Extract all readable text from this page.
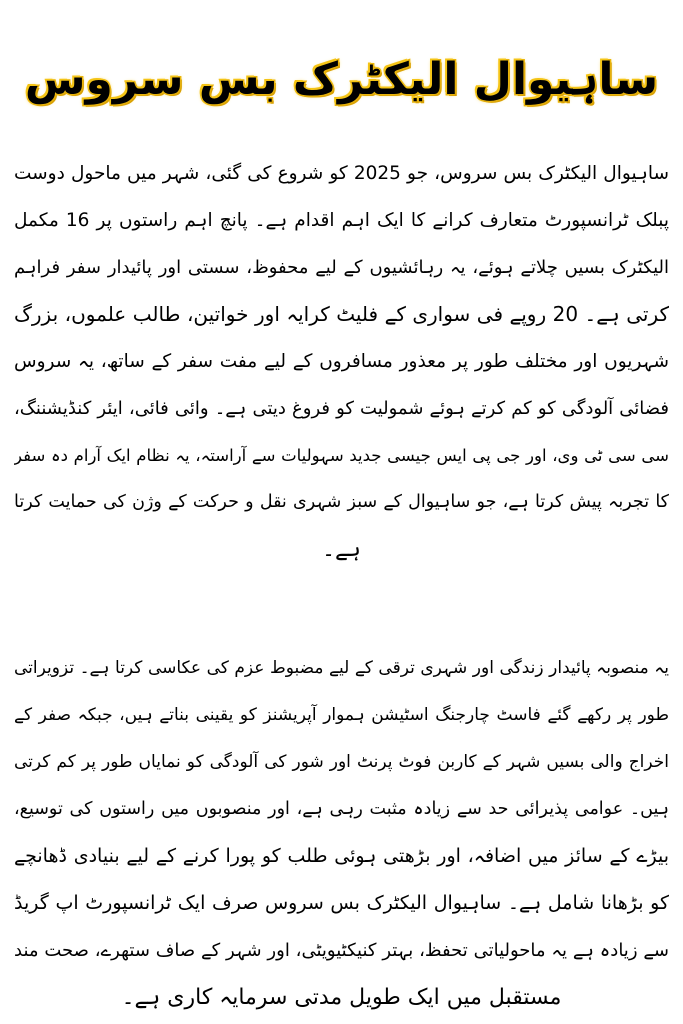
ساہیوال الیکٹرک بس سروس
ساہیوال الیکٹرک بس سروس، جو 2025 کو شروع کی گئی، شہر میں ماحول دوست
پبلک ٹرانسپورٹ متعارف کرانے کا ایک اہم اقدام ہے۔ پانچ اہم راستوں پر 16 مکمل
الیکٹرک بسیں چلاتے ہوئے، یہ رہائشیوں کے لیے محفوظ، سستی اور پائیدار سفر فراہم
کرتی ہے۔ 20 روپے فی سواری کے فلیٹ کرایہ اور خواتین، طالب علموں، بزرگ
شہریوں اور مختلف طور پر معذور مسافروں کے لیے مفت سفر کے ساتھ، یہ سروس
فضائی آلودگی کو کم کرتے ہوئے شمولیت کو فروغ دیتی ہے۔ وائی فائی، ایئر کنڈیشننگ،
سی سی ٹی وی، اور جی پی ایس جیسی جدید سہولیات سے آراستہ، یہ نظام ایک آرام دہ سفر
کا تجربہ پیش کرتا ہے، جو ساہیوال کے سبز شہری نقل و حرکت کے وژن کی حمایت کرتا
ہے۔
یہ منصوبہ پائیدار زندگی اور شہری ترقی کے لیے مضبوط عزم کی عکاسی کرتا ہے۔ تزویراتی
طور پر رکھے گئے فاسٹ چارجنگ اسٹیشن ہموار آپریشنز کو یقینی بناتے ہیں، جبکہ صفر کے
اخراج والی بسیں شہر کے کاربن فوٹ پرنٹ اور شور کی آلودگی کو نمایاں طور پر کم کرتی
ہیں۔ عوامی پذیرائی حد سے زیادہ مثبت رہی ہے، اور منصوبوں میں راستوں کی توسیع،
بیڑے کے سائز میں اضافہ، اور بڑھتی ہوئی طلب کو پورا کرنے کے لیے بنیادی ڈھانچے
کو بڑھانا شامل ہے۔ ساہیوال الیکٹرک بس سروس صرف ایک ٹرانسپورٹ اپ گریڈ
سے زیادہ ہے یہ ماحولیاتی تحفظ، بہتر کنیکٹیویٹی، اور شہر کے صاف ستھرے، صحت مند
مستقبل میں ایک طویل مدتی سرمایہ کاری ہے۔
